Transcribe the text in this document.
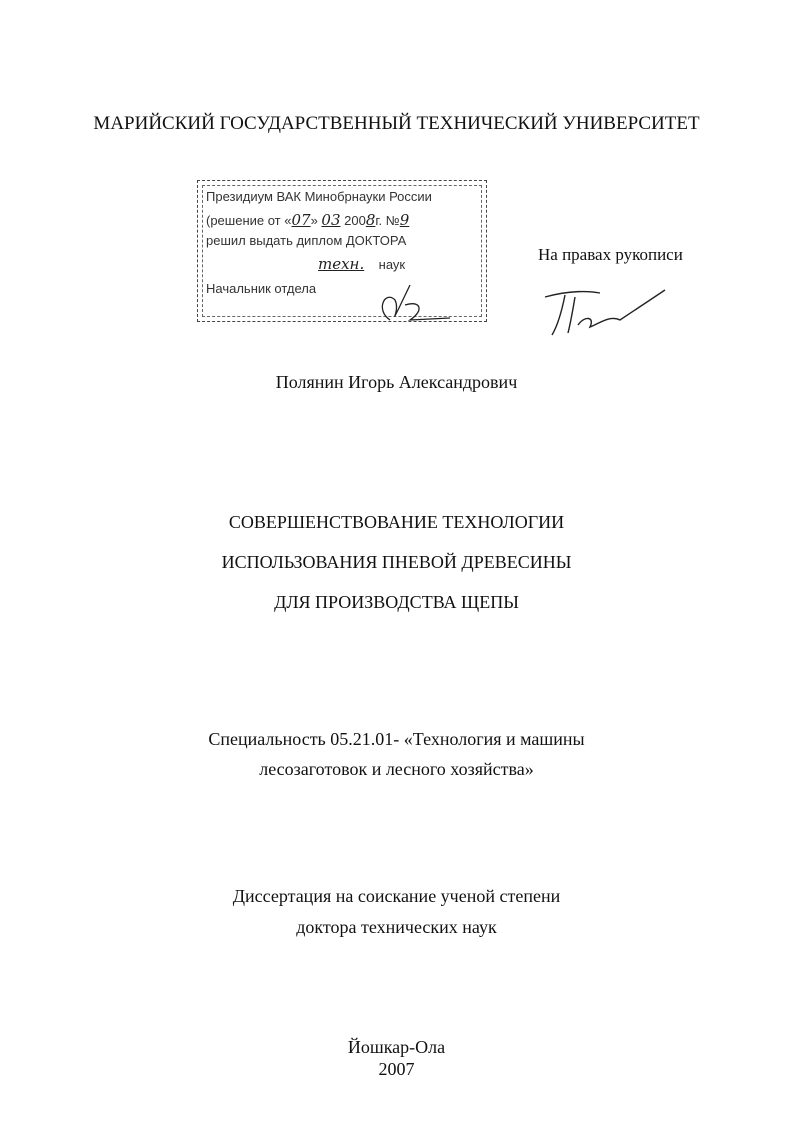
МАРИЙСКИЙ ГОСУДАРСТВЕННЫЙ ТЕХНИЧЕСКИЙ УНИВЕРСИТЕТ
Президиум ВАК Минобрнауки России
(решение от «07» 03 2008г. №9
решил выдать диплом ДОКТОРА
техн. наук
Начальник отдела
На правах рукописи
Полянин Игорь Александрович
СОВЕРШЕНСТВОВАНИЕ ТЕХНОЛОГИИ
ИСПОЛЬЗОВАНИЯ ПНЕВОЙ ДРЕВЕСИНЫ
ДЛЯ ПРОИЗВОДСТВА ЩЕПЫ
Специальность 05.21.01- «Технология и машины
лесозаготовок и лесного хозяйства»
Диссертация на соискание ученой степени
доктора технических наук
Йошкар-Ола
2007
